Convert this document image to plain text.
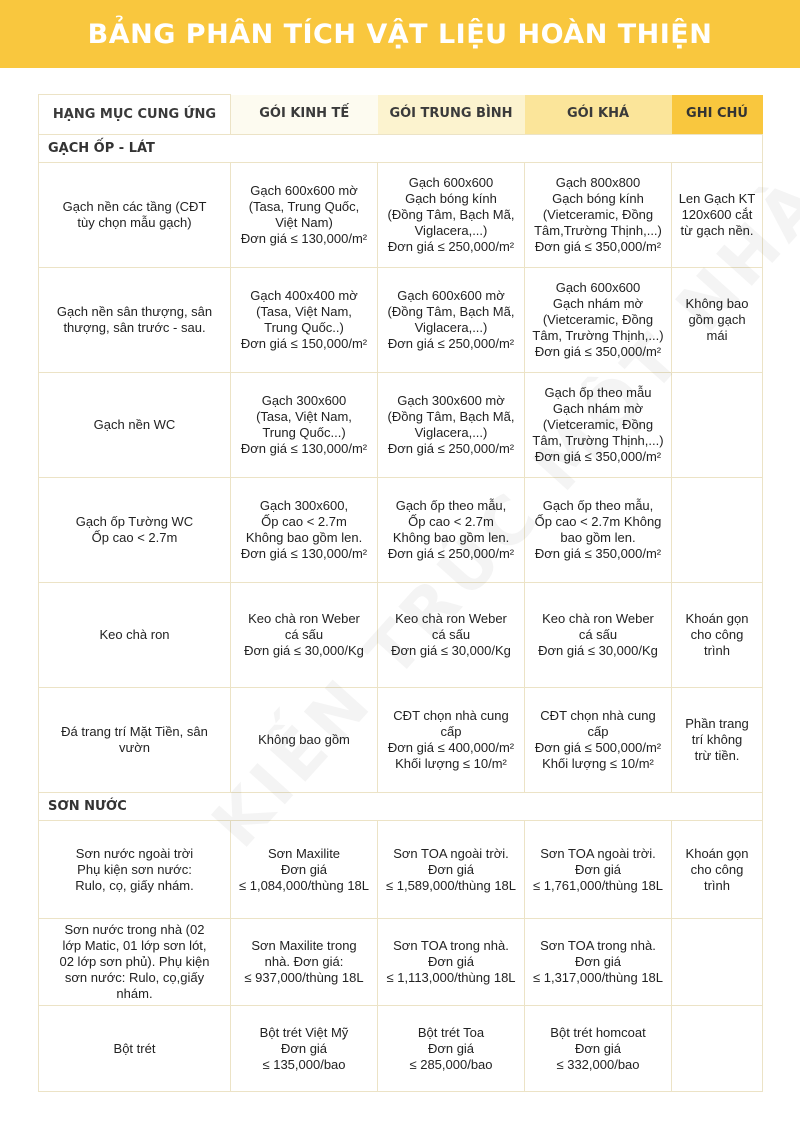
BẢNG PHÂN TÍCH VẬT LIỆU HOÀN THIỆN
HẠNG MỤC CUNG ỨNG	GÓI KINH TẾ	GÓI TRUNG BÌNH	GÓI KHÁ	GHI CHÚ
GẠCH ỐP - LÁT				

Gạch nền các tầng (CĐT
tùy chọn mẫu gạch)	Gạch 600x600 mờ
(Tasa, Trung Quốc,
Việt Nam)
Đơn giá ≤ 130,000/m²	Gạch 600x600
Gạch bóng kính
(Đồng Tâm, Bạch Mã,
Viglacera,...)
Đơn giá ≤ 250,000/m²	Gạch 800x800
Gạch bóng kính
(Vietceramic, Đồng
Tâm,Trường Thịnh,...)
Đơn giá ≤ 350,000/m²	Len Gạch KT
120x600 cắt
từ gạch nền.

Gạch nền sân thượng, sân
thượng, sân trước - sau.	Gạch 400x400 mờ
(Tasa, Việt Nam,
Trung Quốc..)
Đơn giá ≤ 150,000/m²	Gạch 600x600 mờ
(Đồng Tâm, Bạch Mã,
Viglacera,...)
Đơn giá ≤ 250,000/m²	Gạch 600x600
Gạch nhám mờ
(Vietceramic, Đồng
Tâm, Trường Thịnh,...)
Đơn giá ≤ 350,000/m²	Không bao
gồm gạch
mái

Gạch nền WC	Gạch 300x600
(Tasa, Việt Nam,
Trung Quốc...)
Đơn giá ≤ 130,000/m²	Gạch 300x600 mờ
(Đồng Tâm, Bạch Mã,
Viglacera,...)
Đơn giá ≤ 250,000/m²	Gạch ốp theo mẫu
Gạch nhám mờ
(Vietceramic, Đồng
Tâm, Trường Thịnh,...)
Đơn giá ≤ 350,000/m²	

Gạch ốp Tường WC
Ốp cao < 2.7m	Gạch 300x600,
Ốp cao < 2.7m
Không bao gồm len.
Đơn giá ≤ 130,000/m²	Gạch ốp theo mẫu,
Ốp cao < 2.7m
Không bao gồm len.
Đơn giá ≤ 250,000/m²	Gạch ốp theo mẫu,
Ốp cao < 2.7m Không
bao gồm len.
Đơn giá ≤ 350,000/m²	

Keo chà ron	Keo chà ron Weber
cá sấu
Đơn giá ≤ 30,000/Kg	Keo chà ron Weber
cá sấu
Đơn giá ≤ 30,000/Kg	Keo chà ron Weber
cá sấu
Đơn giá ≤ 30,000/Kg	Khoán gọn
cho công
trình

Đá trang trí Mặt Tiền, sân
vườn	Không bao gồm	CĐT chọn nhà cung
cấp
Đơn giá ≤ 400,000/m²
Khối lượng ≤ 10/m²	CĐT chọn nhà cung
cấp
Đơn giá ≤ 500,000/m²
Khối lượng ≤ 10/m²	Phần trang
trí không
trừ tiền.

SƠN NƯỚC				

Sơn nước ngoài trời
Phụ kiện sơn nước:
Rulo, cọ, giấy nhám.	Sơn Maxilite
Đơn giá
≤ 1,084,000/thùng 18L	Sơn TOA ngoài trời.
Đơn giá
≤ 1,589,000/thùng 18L	Sơn TOA ngoài trời.
Đơn giá
≤ 1,761,000/thùng 18L	Khoán gọn
cho công
trình

Sơn nước trong nhà (02
lớp Matic, 01 lớp sơn lót,
02 lớp sơn phủ). Phụ kiện
sơn nước: Rulo, cọ,giấy
nhám.	Sơn Maxilite trong
nhà. Đơn giá:
≤ 937,000/thùng 18L	Sơn TOA trong nhà.
Đơn giá
≤ 1,113,000/thùng 18L	Sơn TOA trong nhà.
Đơn giá
≤ 1,317,000/thùng 18L	

Bột trét	Bột trét Việt Mỹ
Đơn giá
≤ 135,000/bao	Bột trét Toa
Đơn giá
≤ 285,000/bao	Bột trét homcoat
Đơn giá
≤ 332,000/bao	
